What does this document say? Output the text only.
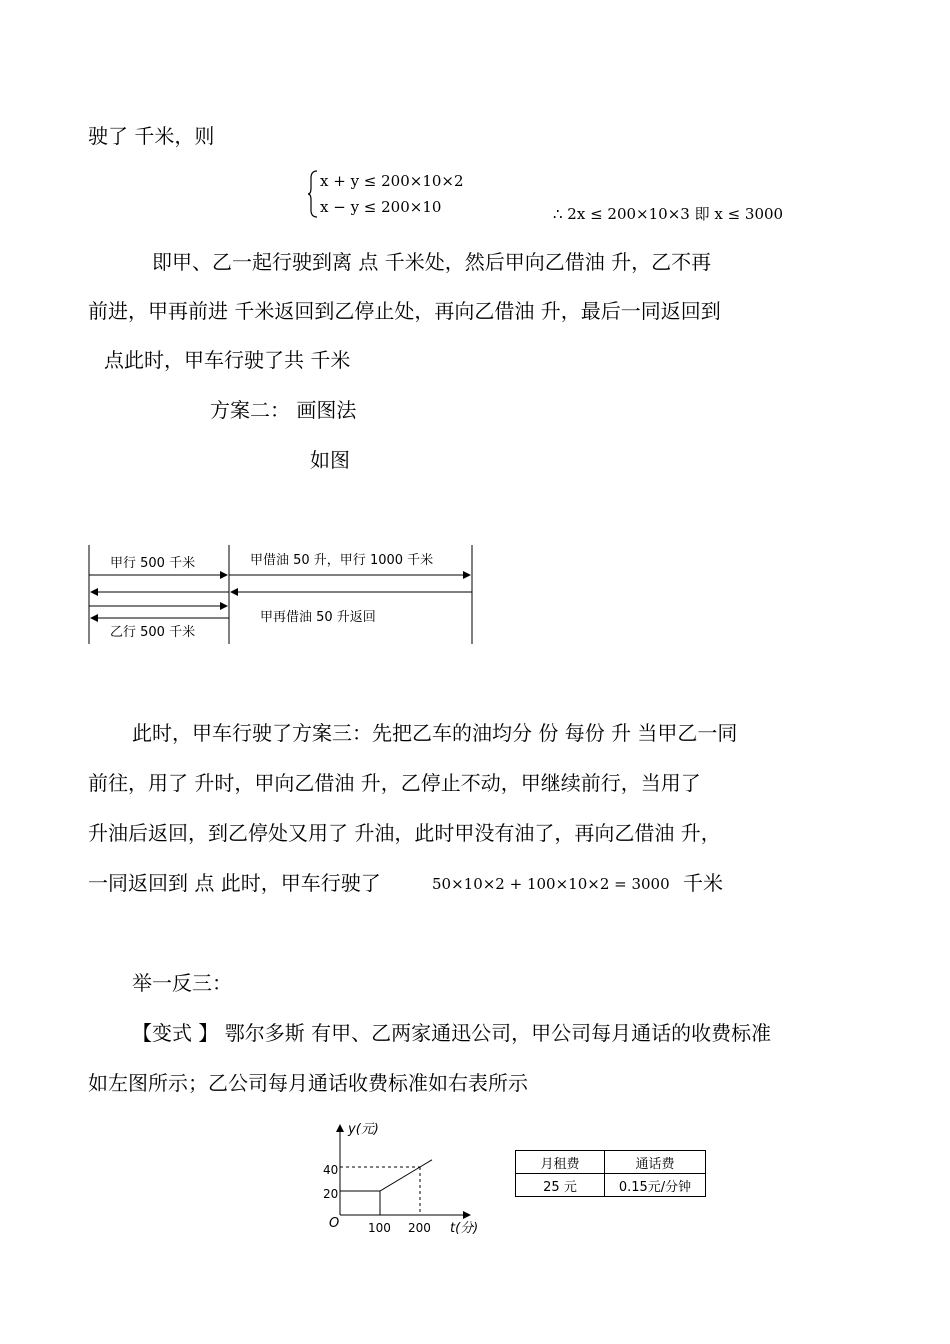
驶了 千米，则
x + y ≤ 200×10×2
x − y ≤ 200×10	∴ 2x ≤ 200×10×3 即 x ≤ 3000
即甲、乙一起行驶到离 点 千米处，然后甲向乙借油 升，乙不再
前进，甲再前进 千米返回到乙停止处，再向乙借油 升，最后一同返回到
点此时，甲车行驶了共 千米
方案二： 画图法
如图
甲行 500 千米	甲借油 50 升，甲行 1000 千米
甲再借油 50 升返回
乙行 500 千米
此时，甲车行驶了方案三：先把乙车的油均分 份 每份 升 当甲乙一同
前往，用了 升时，甲向乙借油 升，乙停止不动，甲继续前行，当用了
升油后返回，到乙停处又用了 升油，此时甲没有油了，再向乙借油 升，
一同返回到 点 此时，甲车行驶了	50×10×2 + 100×10×2 = 3000 千米
举一反三：
【变式 】 鄂尔多斯 有甲、乙两家通迅公司，甲公司每月通话的收费标准
如左图所示；乙公司每月通话收费标准如右表所示
y(元)
t(分)
O
40
20
100 200
月租费	通话费
25 元	0.15元/分钟
